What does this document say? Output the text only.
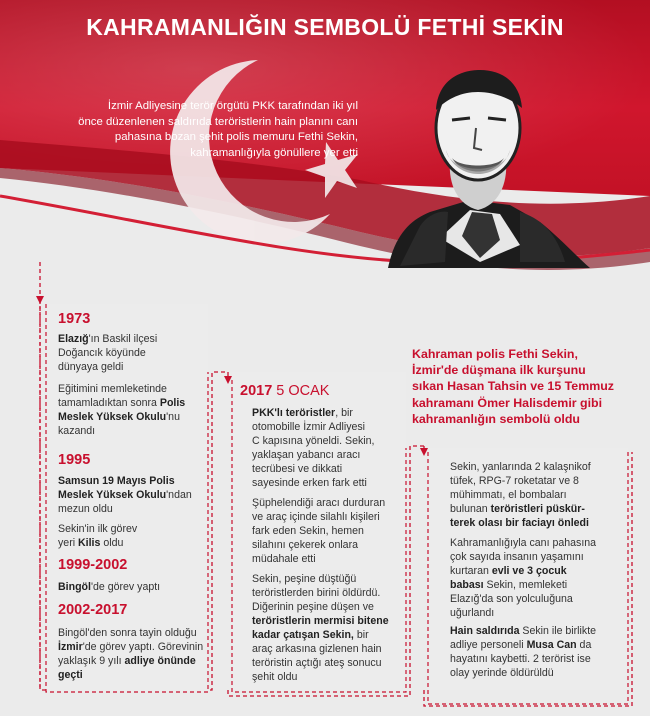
KAHRAMANLIĞIN SEMBOLÜ FETHİ SEKİN
İzmir Adliyesine terör örgütü PKK tarafından iki yıl
önce düzenlenen saldırıda teröristlerin hain planını canı
pahasına bozan şehit polis memuru Fethi Sekin,
kahramanlığıyla gönüllere yer etti
1973
Elazığ'ın Baskil ilçesi
Doğancık köyünde
dünyaya geldi
Eğitimini memleketinde
tamamladıktan sonra Polis
Meslek Yüksek Okulu'nu
kazandı
1995
Samsun 19 Mayıs Polis
Meslek Yüksek Okulu'ndan
mezun oldu
Sekin'in ilk görev
yeri Kilis oldu
1999-2002
Bingöl'de görev yaptı
2002-2017
Bingöl'den sonra tayin olduğu
İzmir'de görev yaptı. Görevinin
yaklaşık 9 yılı adliye önünde
geçti
2017 5 OCAK
PKK'lı teröristler, bir
otomobille İzmir Adliyesi
C kapısına yöneldi. Sekin,
yaklaşan yabancı aracı
tecrübesi ve dikkati
sayesinde erken fark etti
Şüphelendiği aracı durduran
ve araç içinde silahlı kişileri
fark eden Sekin, hemen
silahını çekerek onlara
müdahale etti
Sekin, peşine düştüğü
teröristlerden birini öldürdü.
Diğerinin peşine düşen ve
teröristlerin mermisi bitene
kadar çatışan Sekin, bir
araç arkasına gizlenen hain
teröristin açtığı ateş sonucu
şehit oldu
Kahraman polis Fethi Sekin,
İzmir'de düşmana ilk kurşunu
sıkan Hasan Tahsin ve 15 Temmuz
kahramanı Ömer Halisdemir gibi
kahramanlığın sembolü oldu
Sekin, yanlarında 2 kalaşnikof
tüfek, RPG-7 roketatar ve 8
mühimmatı, el bombaları
bulunan teröristleri püskür-
terek olası bir faciayı önledi
Kahramanlığıyla canı pahasına
çok sayıda insanın yaşamını
kurtaran evli ve 3 çocuk
babası Sekin, memleketi
Elazığ'da son yolculuğuna
uğurlandı
Hain saldırıda Sekin ile birlikte
adliye personeli Musa Can da
hayatını kaybetti. 2 terörist ise
olay yerinde öldürüldü
